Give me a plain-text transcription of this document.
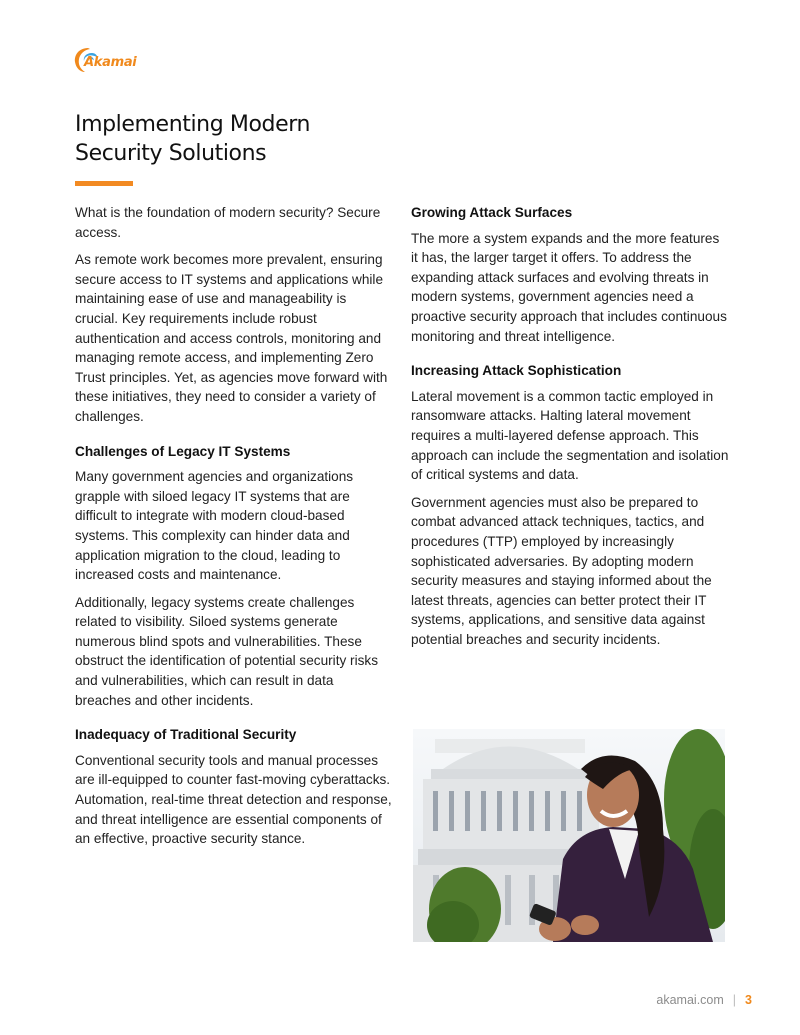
Akamai
Implementing Modern Security Solutions

What is the foundation of modern security? Secure access.

As remote work becomes more prevalent, ensuring secure access to IT systems and applications while maintaining ease of use and manageability is crucial. Key requirements include robust authentication and access controls, monitoring and managing remote access, and implementing Zero Trust principles. Yet, as agencies move forward with these initiatives, they need to consider a variety of challenges.

Challenges of Legacy IT Systems

Many government agencies and organizations grapple with siloed legacy IT systems that are difficult to integrate with modern cloud-based systems. This complexity can hinder data and application migration to the cloud, leading to increased costs and maintenance.

Additionally, legacy systems create challenges related to visibility. Siloed systems generate numerous blind spots and vulnerabilities. These obstruct the identification of potential security risks and vulnerabilities, which can result in data breaches and other incidents.

Inadequacy of Traditional Security

Conventional security tools and manual processes are ill-equipped to counter fast-moving cyberattacks. Automation, real-time threat detection and response, and threat intelligence are essential components of an effective, proactive security stance.

Growing Attack Surfaces

The more a system expands and the more features it has, the larger target it offers. To address the expanding attack surfaces and evolving threats in modern systems, government agencies need a proactive security approach that includes continuous monitoring and threat intelligence.

Increasing Attack Sophistication

Lateral movement is a common tactic employed in ransomware attacks. Halting lateral movement requires a multi-layered defense approach. This approach can include the segmentation and isolation of critical systems and data.

Government agencies must also be prepared to combat advanced attack techniques, tactics, and procedures (TTP) employed by increasingly sophisticated adversaries. By adopting modern security measures and staying informed about the latest threats, agencies can better protect their IT systems, applications, and sensitive data against potential breaches and security incidents.

akamai.com | 3
